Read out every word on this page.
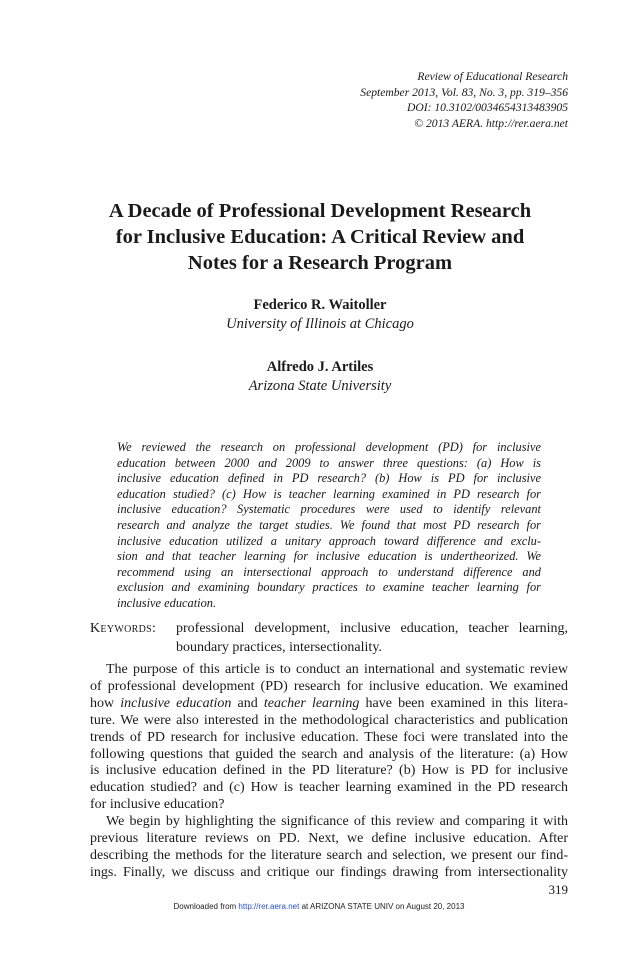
Review of Educational Research
September 2013, Vol. 83, No. 3, pp. 319–356
DOI: 10.3102/0034654313483905
© 2013 AERA. http://rer.aera.net
A Decade of Professional Development Research
for Inclusive Education: A Critical Review and
Notes for a Research Program
Federico R. Waitoller
University of Illinois at Chicago
Alfredo J. Artiles
Arizona State University
We reviewed the research on professional development (PD) for inclusive
education between 2000 and 2009 to answer three questions: (a) How is
inclusive education defined in PD research? (b) How is PD for inclusive
education studied? (c) How is teacher learning examined in PD research for
inclusive education? Systematic procedures were used to identify relevant
research and analyze the target studies. We found that most PD research for
inclusive education utilized a unitary approach toward difference and exclu-
sion and that teacher learning for inclusive education is undertheorized. We
recommend using an intersectional approach to understand difference and
exclusion and examining boundary practices to examine teacher learning for
inclusive education.
Keywords: professional development, inclusive education, teacher learning,
boundary practices, intersectionality.
The purpose of this article is to conduct an international and systematic review
of professional development (PD) research for inclusive education. We examined
how inclusive education and teacher learning have been examined in this litera-
ture. We were also interested in the methodological characteristics and publication
trends of PD research for inclusive education. These foci were translated into the
following questions that guided the search and analysis of the literature: (a) How
is inclusive education defined in the PD literature? (b) How is PD for inclusive
education studied? and (c) How is teacher learning examined in the PD research
for inclusive education?
We begin by highlighting the significance of this review and comparing it with
previous literature reviews on PD. Next, we define inclusive education. After
describing the methods for the literature search and selection, we present our find-
ings. Finally, we discuss and critique our findings drawing from intersectionality
319
Downloaded from http://rer.aera.net at ARIZONA STATE UNIV on August 20, 2013
